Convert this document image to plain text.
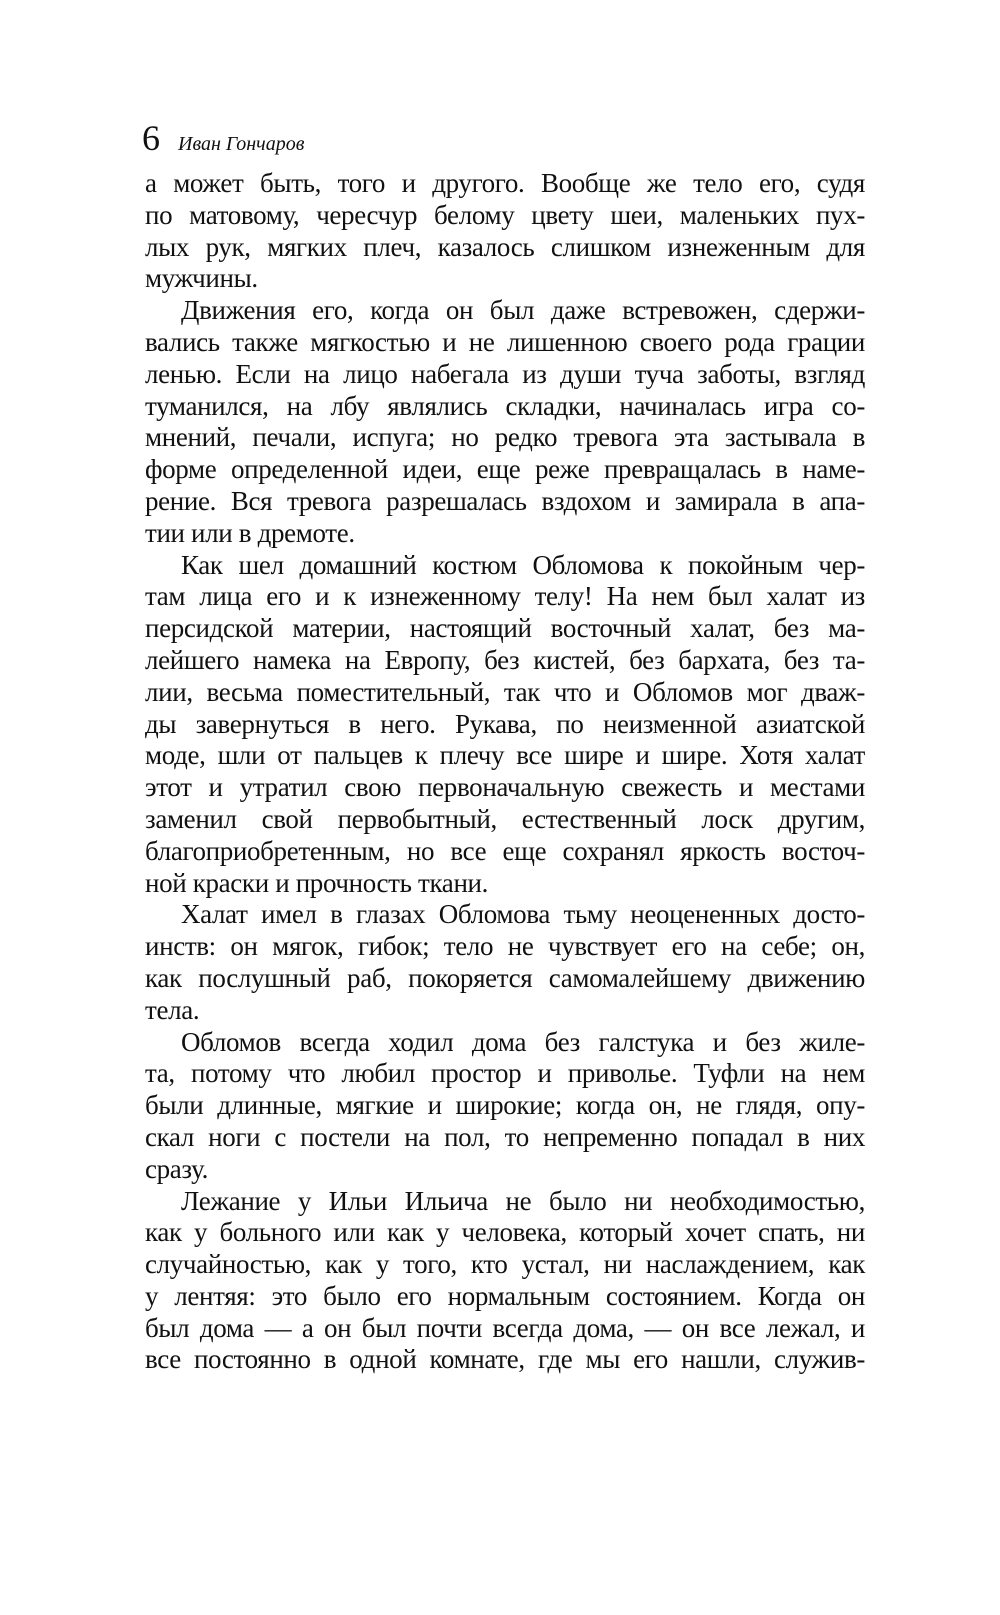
6 Иван Гончаров
а может быть, того и другого. Вообще же тело его, судя
по матовому, чересчур белому цвету шеи, маленьких пух-
лых рук, мягких плеч, казалось слишком изнеженным для
мужчины.
Движения его, когда он был даже встревожен, сдержи-
вались также мягкостью и не лишенною своего рода грации
ленью. Если на лицо набегала из души туча заботы, взгляд
туманился, на лбу являлись складки, начиналась игра со-
мнений, печали, испуга; но редко тревога эта застывала в
форме определенной идеи, еще реже превращалась в наме-
рение. Вся тревога разрешалась вздохом и замирала в апа-
тии или в дремоте.
Как шел домашний костюм Обломова к покойным чер-
там лица его и к изнеженному телу! На нем был халат из
персидской материи, настоящий восточный халат, без ма-
лейшего намека на Европу, без кистей, без бархата, без та-
лии, весьма поместительный, так что и Обломов мог дваж-
ды завернуться в него. Рукава, по неизменной азиатской
моде, шли от пальцев к плечу все шире и шире. Хотя халат
этот и утратил свою первоначальную свежесть и местами
заменил свой первобытный, естественный лоск другим,
благоприобретенным, но все еще сохранял яркость восточ-
ной краски и прочность ткани.
Халат имел в глазах Обломова тьму неоцененных досто-
инств: он мягок, гибок; тело не чувствует его на себе; он,
как послушный раб, покоряется самомалейшему движению
тела.
Обломов всегда ходил дома без галстука и без жиле-
та, потому что любил простор и приволье. Туфли на нем
были длинные, мягкие и широкие; когда он, не глядя, опу-
скал ноги с постели на пол, то непременно попадал в них
сразу.
Лежание у Ильи Ильича не было ни необходимостью,
как у больного или как у человека, который хочет спать, ни
случайностью, как у того, кто устал, ни наслаждением, как
у лентяя: это было его нормальным состоянием. Когда он
был дома — а он был почти всегда дома, — он все лежал, и
все постоянно в одной комнате, где мы его нашли, служив-
